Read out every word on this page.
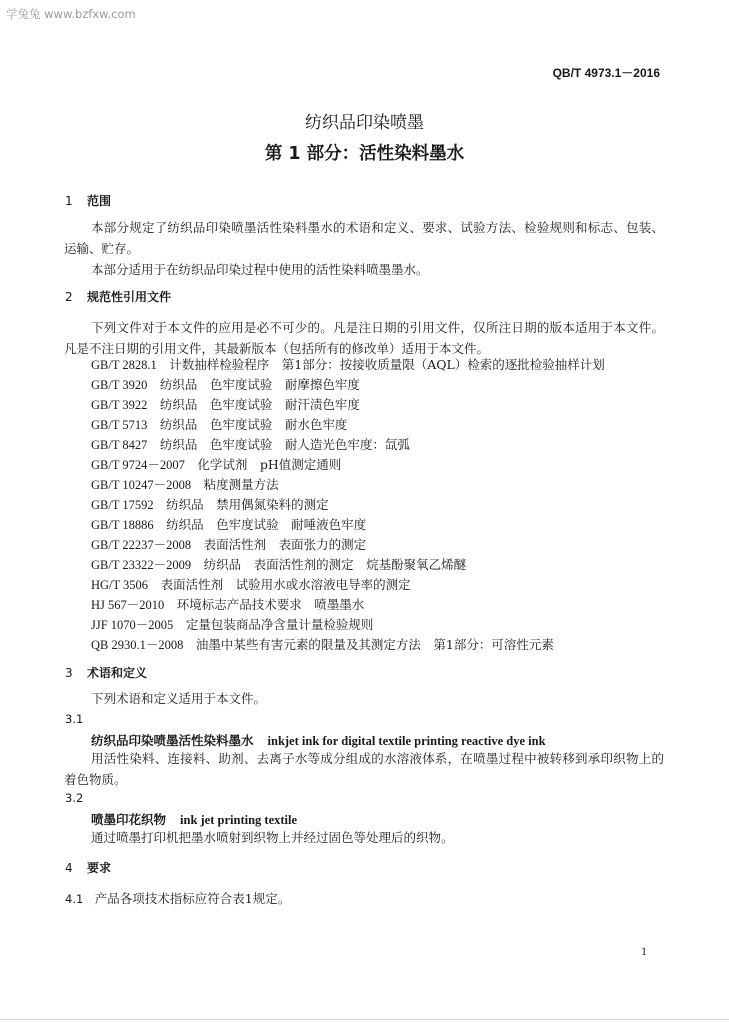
学兔兔 www.bzfxw.com
QB/T 4973.1－2016
纺织品印染喷墨
第 1 部分：活性染料墨水
1 范围
本部分规定了纺织品印染喷墨活性染料墨水的术语和定义、要求、试验方法、检验规则和标志、包装、运输、贮存。
本部分适用于在纺织品印染过程中使用的活性染料喷墨墨水。
2 规范性引用文件
下列文件对于本文件的应用是必不可少的。凡是注日期的引用文件，仅所注日期的版本适用于本文件。凡是不注日期的引用文件，其最新版本（包括所有的修改单）适用于本文件。
GB/T 2828.1　 计数抽样检验程序　第1部分：按接收质量限（AQL）检索的逐批检验抽样计划
GB/T 3920　 纺织品　色牢度试验　耐摩擦色牢度
GB/T 3922　 纺织品　色牢度试验　耐汗渍色牢度
GB/T 5713　 纺织品　色牢度试验　耐水色牢度
GB/T 8427　 纺织品　色牢度试验　耐人造光色牢度：氙弧
GB/T 9724－2007　 化学试剂　pH值测定通则
GB/T 10247－2008　 粘度测量方法
GB/T 17592　 纺织品　禁用偶氮染料的测定
GB/T 18886　 纺织品　色牢度试验　耐唾液色牢度
GB/T 22237－2008　 表面活性剂　表面张力的测定
GB/T 23322－2009　 纺织品　表面活性剂的测定　烷基酚聚氧乙烯醚
HG/T 3506　 表面活性剂　试验用水或水溶液电导率的测定
HJ 567－2010　 环境标志产品技术要求　喷墨墨水
JJF 1070－2005　 定量包装商品净含量计量检验规则
QB 2930.1－2008　 油墨中某些有害元素的限量及其测定方法　第1部分：可溶性元素
3 术语和定义
下列术语和定义适用于本文件。
3.1
纺织品印染喷墨活性染料墨水 inkjet ink for digital textile printing reactive dye ink
用活性染料、连接料、助剂、去离子水等成分组成的水溶液体系，在喷墨过程中被转移到承印织物上的着色物质。
3.2
喷墨印花织物 ink jet printing textile
通过喷墨打印机把墨水喷射到织物上并经过固色等处理后的织物。
4 要求
4.1　 产品各项技术指标应符合表1规定。
1
